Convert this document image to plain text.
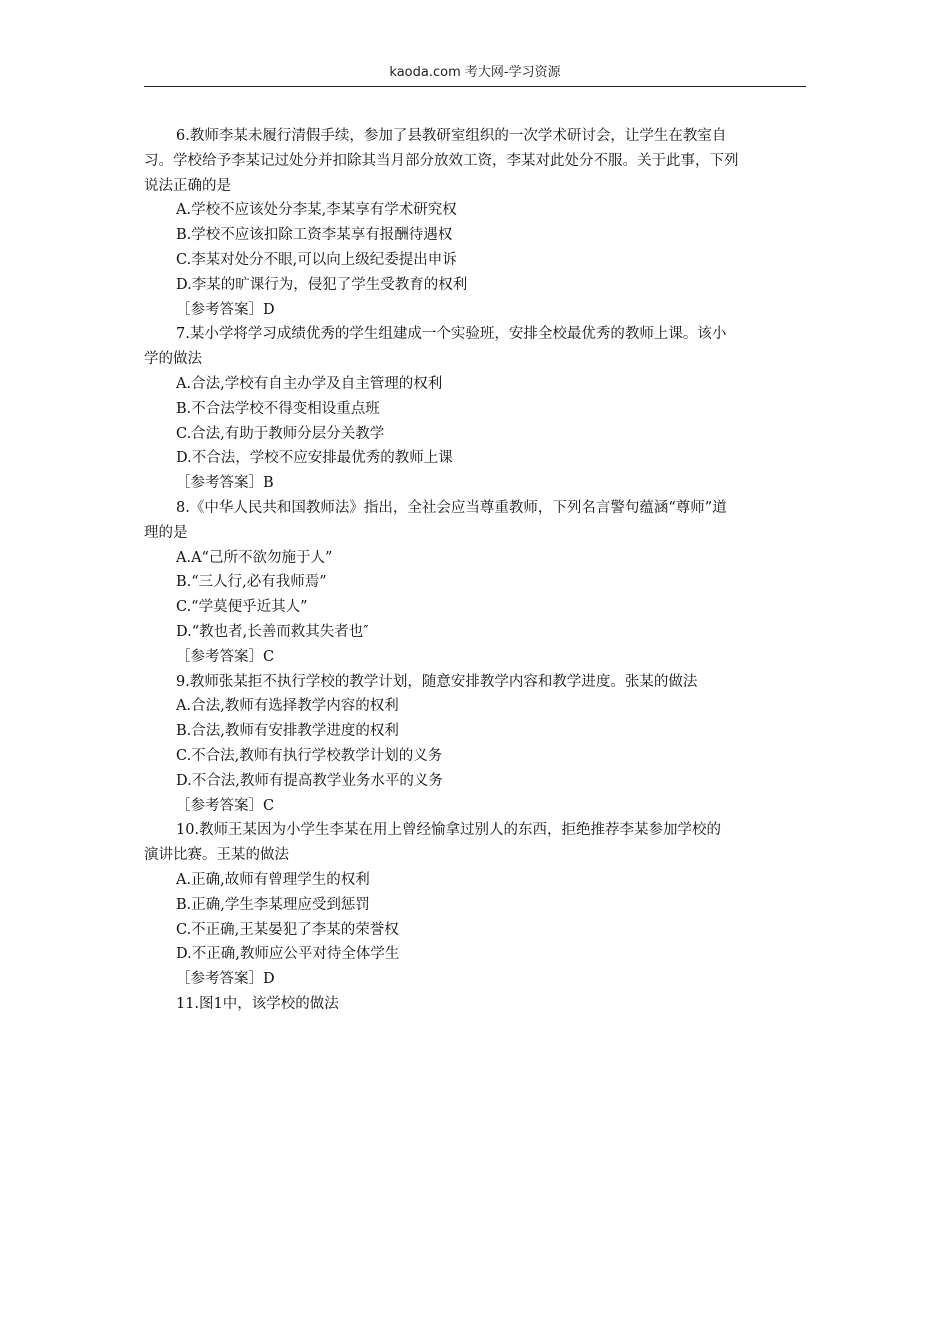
kaoda.com 考大网-学习资源
6.教师李某未履行清假手续，参加了县教研室组织的一次学术研讨会，让学生在教室自
习。学校给予李某记过处分并扣除其当月部分放效工资，李某对此处分不服。关于此事，下列
说法正确的是
A.学校不应该处分李某,李某享有学术研究权
B.学校不应该扣除工资李某享有报酬待遇权
C.李某对处分不眼,可以向上级纪委提出申诉
D.李某的旷课行为，侵犯了学生受教育的权利
［参考答案］D
7.某小学将学习成绩优秀的学生组建成一个实验班，安排全校最优秀的教师上课。该小
学的做法
A.合法,学校有自主办学及自主管理的权利
B.不合法学校不得变相设重点班
C.合法,有助于教师分层分关教学
D.不合法，学校不应安排最优秀的教师上课
［参考答案］B
8.《中华人民共和国教师法》指出，全社会应当尊重教师，下列名言警句蕴涵“尊师”道
理的是
A.A“己所不欲勿施于人”
B.“三人行,必有我师焉”
C.“学莫便乎近其人”
D.“教也者,长善而救其失者也″
［参考答案］C
9.教师张某拒不执行学校的教学计划，随意安排教学内容和教学进度。张某的做法
A.合法,教师有选择教学内容的权利
B.合法,教师有安排教学进度的权利
C.不合法,教师有执行学校教学计划的义务
D.不合法,教师有提高教学业务水平的义务
［参考答案］C
10.教师王某因为小学生李某在用上曾经愉拿过别人的东西，拒绝推荐李某参加学校的
演讲比赛。王某的做法
A.正确,故师有曾理学生的权利
B.正确,学生李某理应受到惩罚
C.不正确,王某晏犯了李某的荣誉权
D.不正确,教师应公平对待全体学生
［参考答案］D
11.图1中，该学校的做法
